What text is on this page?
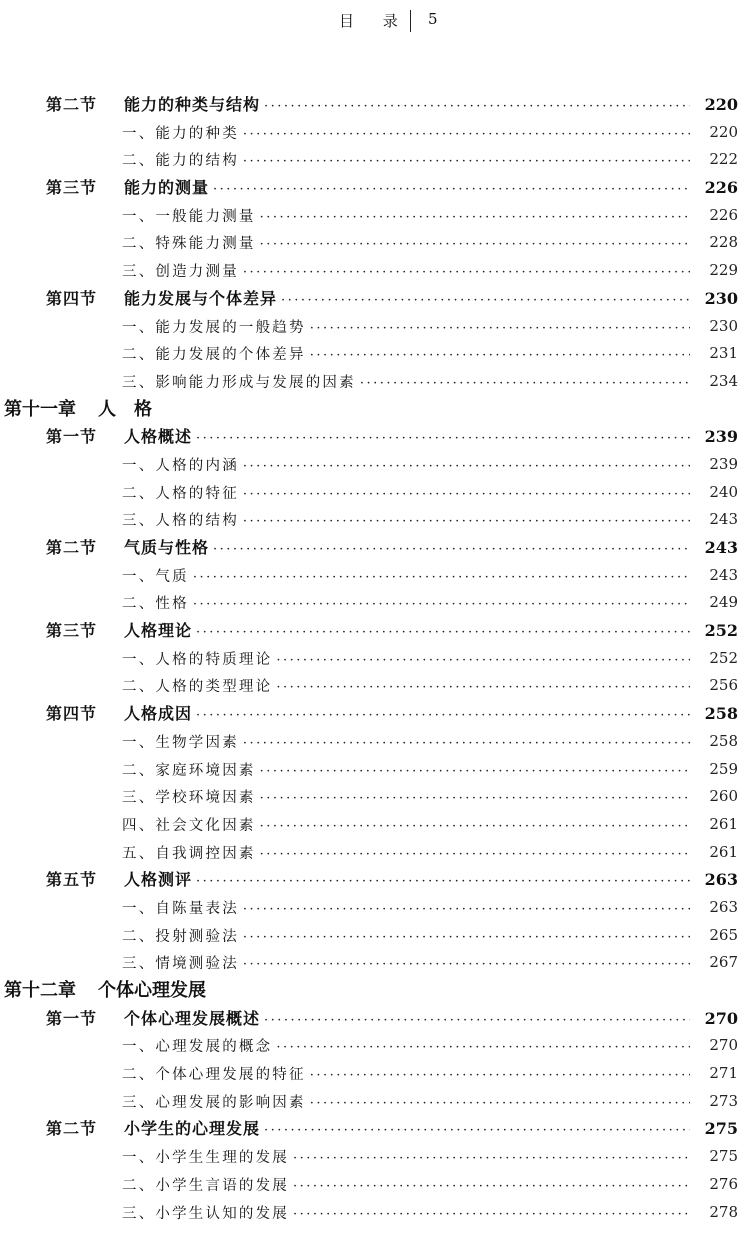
目 录 5
第二节	能力的种类与结构 ·····	220
一、能力的种类 ·····	220
二、能力的结构 ·····	222
第三节	能力的测量 ·····	226
一、一般能力测量 ·····	226
二、特殊能力测量 ·····	228
三、创造力测量 ·····	229
第四节	能力发展与个体差异 ·····	230
一、能力发展的一般趋势 ·····	230
二、能力发展的个体差异 ·····	231
三、影响能力形成与发展的因素 ·····	234
第十一章 人　格
第一节	人格概述 ·····	239
一、人格的内涵 ·····	239
二、人格的特征 ·····	240
三、人格的结构 ·····	243
第二节	气质与性格 ·····	243
一、气质 ·····	243
二、性格 ·····	249
第三节	人格理论 ·····	252
一、人格的特质理论 ·····	252
二、人格的类型理论 ·····	256
第四节	人格成因 ·····	258
一、生物学因素 ·····	258
二、家庭环境因素 ·····	259
三、学校环境因素 ·····	260
四、社会文化因素 ·····	261
五、自我调控因素 ·····	261
第五节	人格测评 ·····	263
一、自陈量表法 ·····	263
二、投射测验法 ·····	265
三、情境测验法 ·····	267
第十二章 个体心理发展
第一节	个体心理发展概述 ·····	270
一、心理发展的概念 ·····	270
二、个体心理发展的特征 ·····	271
三、心理发展的影响因素 ·····	273
第二节	小学生的心理发展 ·····	275
一、小学生生理的发展 ·····	275
二、小学生言语的发展 ·····	276
三、小学生认知的发展 ·····	278
